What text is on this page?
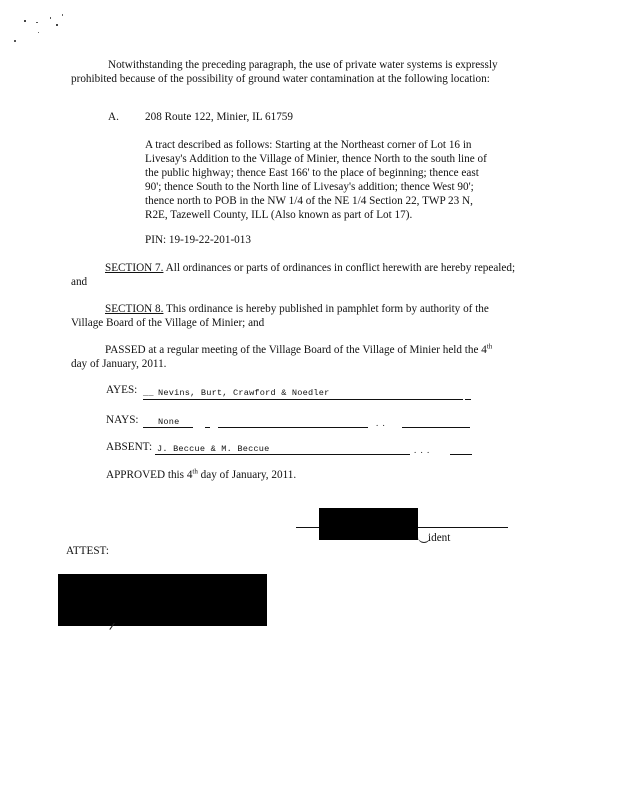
Notwithstanding the preceding paragraph, the use of private water systems is expressly
prohibited because of the possibility of ground water contamination at the following location:
A. 208 Route 122, Minier, IL 61759
A tract described as follows: Starting at the Northeast corner of Lot 16 in
Livesay's Addition to the Village of Minier, thence North to the south line of
the public highway; thence East 166' to the place of beginning; thence east
90'; thence South to the North line of Livesay's addition; thence West 90';
thence north to POB in the NW 1/4 of the NE 1/4 Section 22, TWP 23 N,
R2E, Tazewell County, ILL (Also known as part of Lot 17).
PIN: 19-19-22-201-013
SECTION 7. All ordinances or parts of ordinances in conflict herewith are hereby repealed;
and
SECTION 8. This ordinance is hereby published in pamphlet form by authority of the
Village Board of the Village of Minier; and
PASSED at a regular meeting of the Village Board of the Village of Minier held the 4th
day of January, 2011.
AYES: __ Nevins, Burt, Crawford & Noedler
NAYS: None	. .
ABSENT: J. Beccue & M. Beccue	. . .
APPROVED this 4th day of January, 2011.
ident
ATTEST:
